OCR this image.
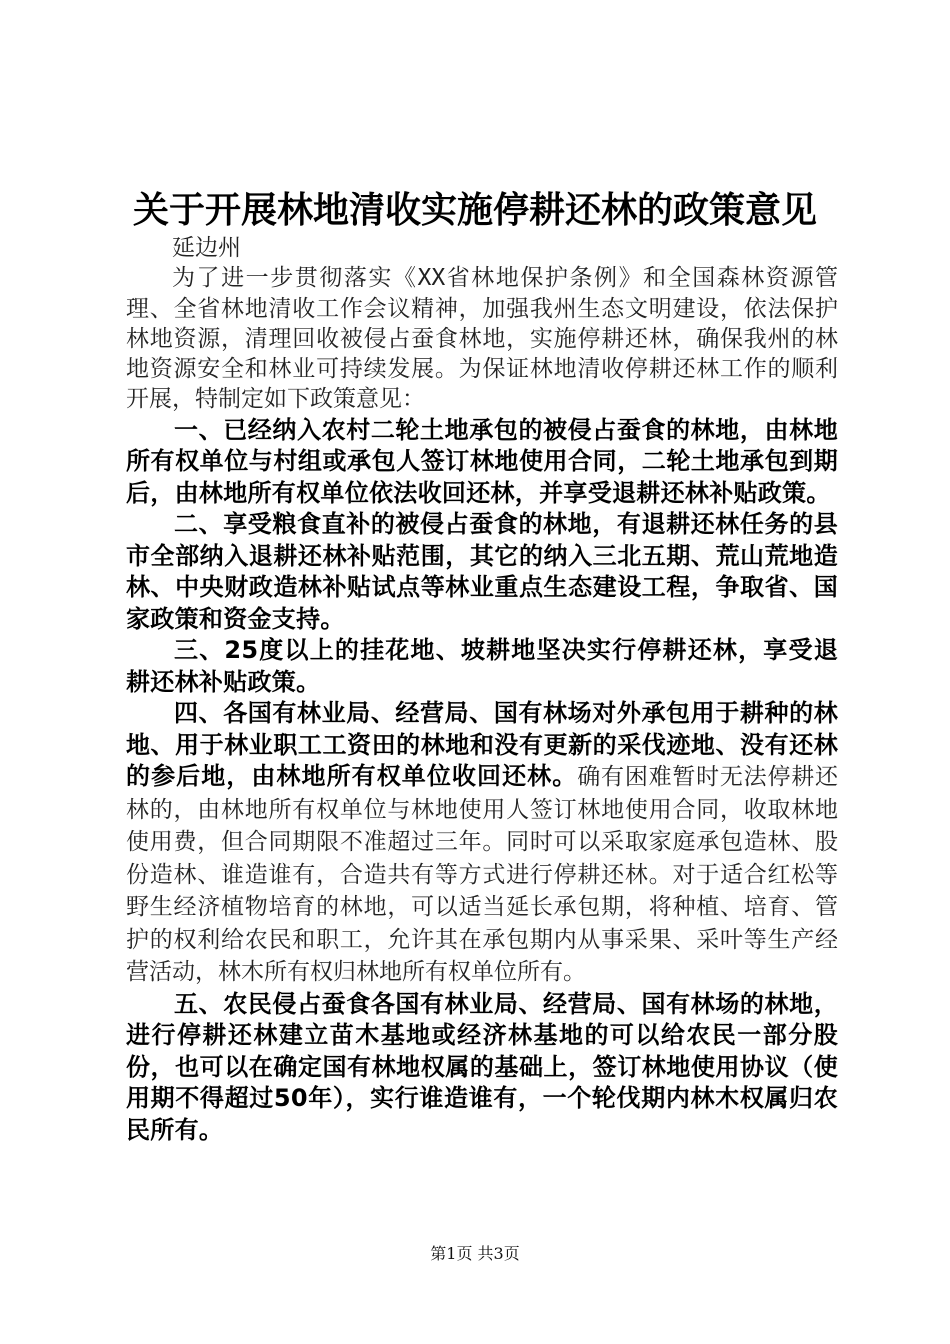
关于开展林地清收实施停耕还林的政策意见

延边州

为了进一步贯彻落实《XX省林地保护条例》和全国森林资源管理、全省林地清收工作会议精神，加强我州生态文明建设，依法保护林地资源，清理回收被侵占蚕食林地，实施停耕还林，确保我州的林地资源安全和林业可持续发展。为保证林地清收停耕还林工作的顺利开展，特制定如下政策意见：

一、已经纳入农村二轮土地承包的被侵占蚕食的林地，由林地所有权单位与村组或承包人签订林地使用合同，二轮土地承包到期后，由林地所有权单位依法收回还林，并享受退耕还林补贴政策。

二、享受粮食直补的被侵占蚕食的林地，有退耕还林任务的县市全部纳入退耕还林补贴范围，其它的纳入三北五期、荒山荒地造林、中央财政造林补贴试点等林业重点生态建设工程，争取省、国家政策和资金支持。

三、25度以上的挂花地、坡耕地坚决实行停耕还林，享受退耕还林补贴政策。

四、各国有林业局、经营局、国有林场对外承包用于耕种的林地、用于林业职工工资田的林地和没有更新的采伐迹地、没有还林的参后地，由林地所有权单位收回还林。确有困难暂时无法停耕还林的，由林地所有权单位与林地使用人签订林地使用合同，收取林地使用费，但合同期限不准超过三年。同时可以采取家庭承包造林、股份造林、谁造谁有，合造共有等方式进行停耕还林。对于适合红松等野生经济植物培育的林地，可以适当延长承包期，将种植、培育、管护的权利给农民和职工，允许其在承包期内从事采果、采叶等生产经营活动，林木所有权归林地所有权单位所有。

五、农民侵占蚕食各国有林业局、经营局、国有林场的林地，进行停耕还林建立苗木基地或经济林基地的可以给农民一部分股份，也可以在确定国有林地权属的基础上，签订林地使用协议（使用期不得超过50年），实行谁造谁有，一个轮伐期内林木权属归农民所有。

第1页 共3页
